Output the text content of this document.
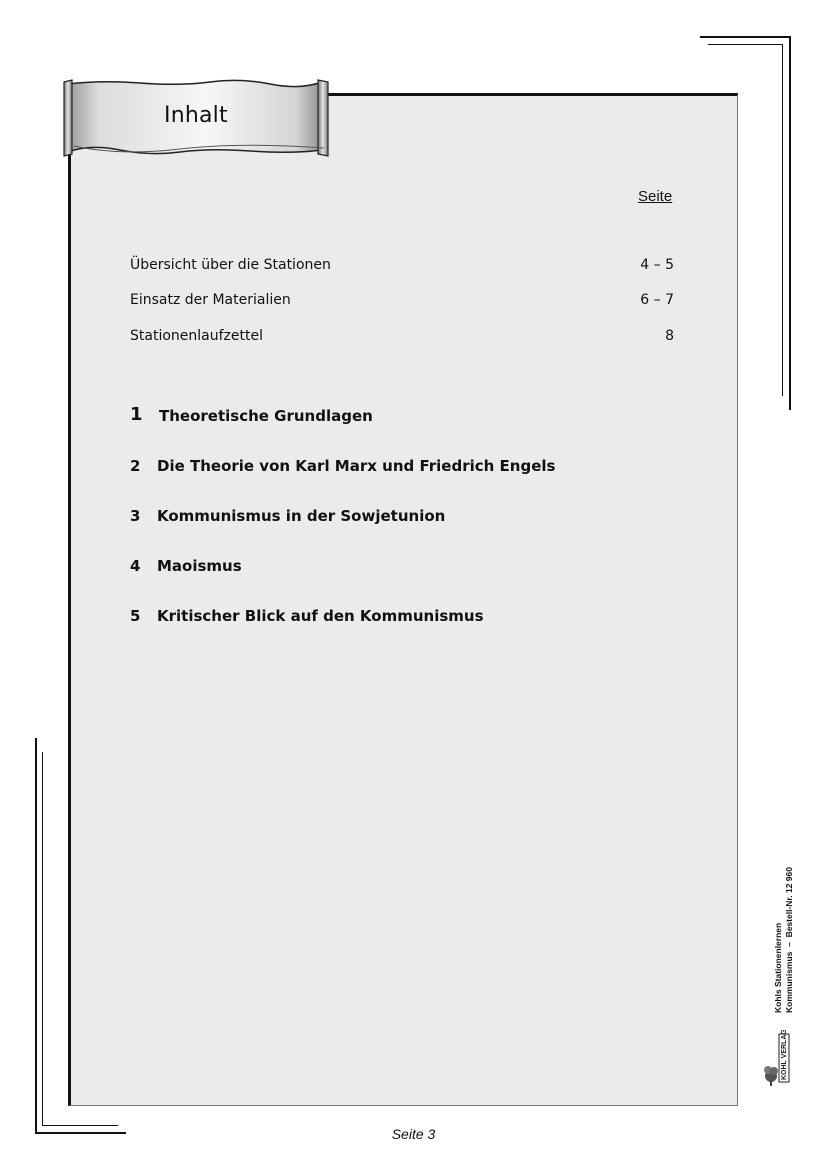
Inhalt
Seite
Übersicht über die Stationen	4 – 5
Einsatz der Materialien	6 – 7
Stationenlaufzettel	8
1 Theoretische Grundlagen
2 Die Theorie von Karl Marx und Friedrich Engels
3 Kommunismus in der Sowjetunion
4 Maoismus
5 Kritischer Blick auf den Kommunismus
Kohls Stationenlernen
Kommunismus  –  Bestell-Nr. 12 960
KOHL VERLAG
Seite 3
